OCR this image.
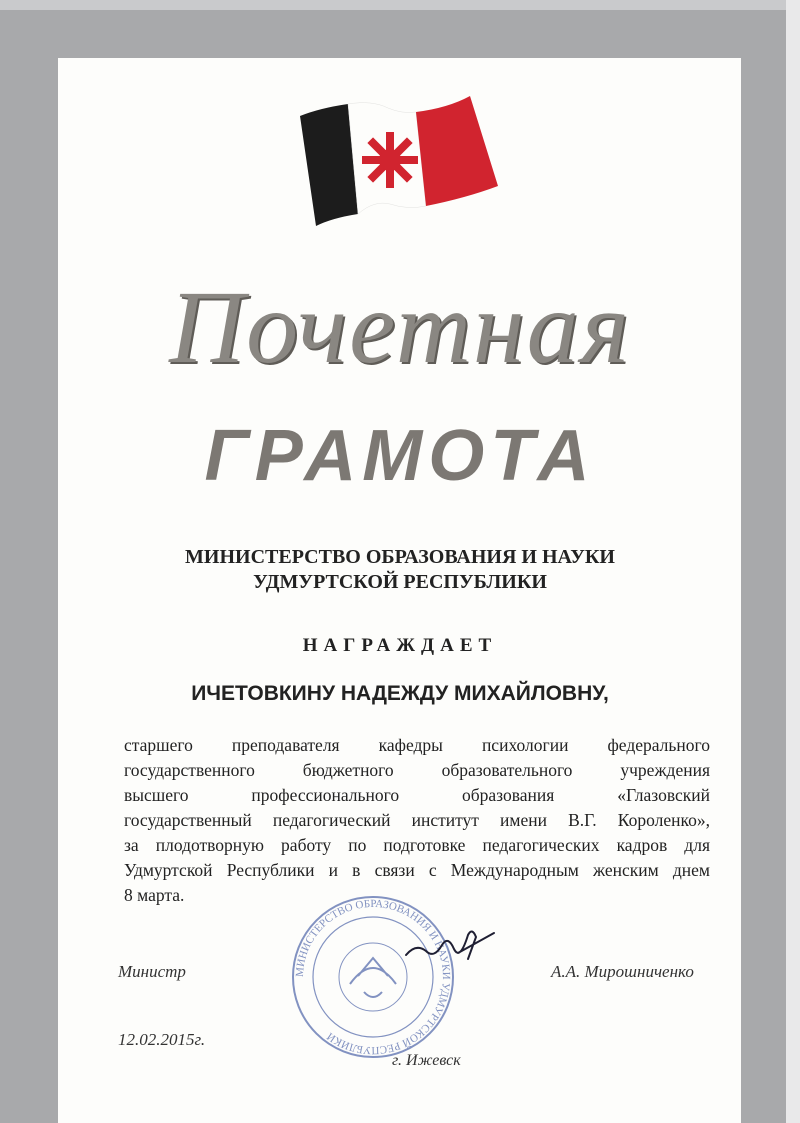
Почетная
ГРАМОТА
МИНИСТЕРСТВО ОБРАЗОВАНИЯ И НАУКИ
УДМУРТСКОЙ РЕСПУБЛИКИ
НАГРАЖДАЕТ
ИЧЕТОВКИНУ НАДЕЖДУ МИХАЙЛОВНУ,
старшего преподавателя кафедры психологии федерального
государственного бюджетного образовательного учреждения
высшего профессионального образования «Глазовский
государственный педагогический институт имени В.Г. Короленко»,
за плодотворную работу по подготовке педагогических кадров для
Удмуртской Республики и в связи с Международным женским днем
8 марта.
МИНИСТЕРСТВО ОБРАЗОВАНИЯ И НАУКИ УДМУРТСКОЙ РЕСПУБЛИКИ
Министр	А.А. Мирошниченко
12.02.2015г.
г. Ижевск
